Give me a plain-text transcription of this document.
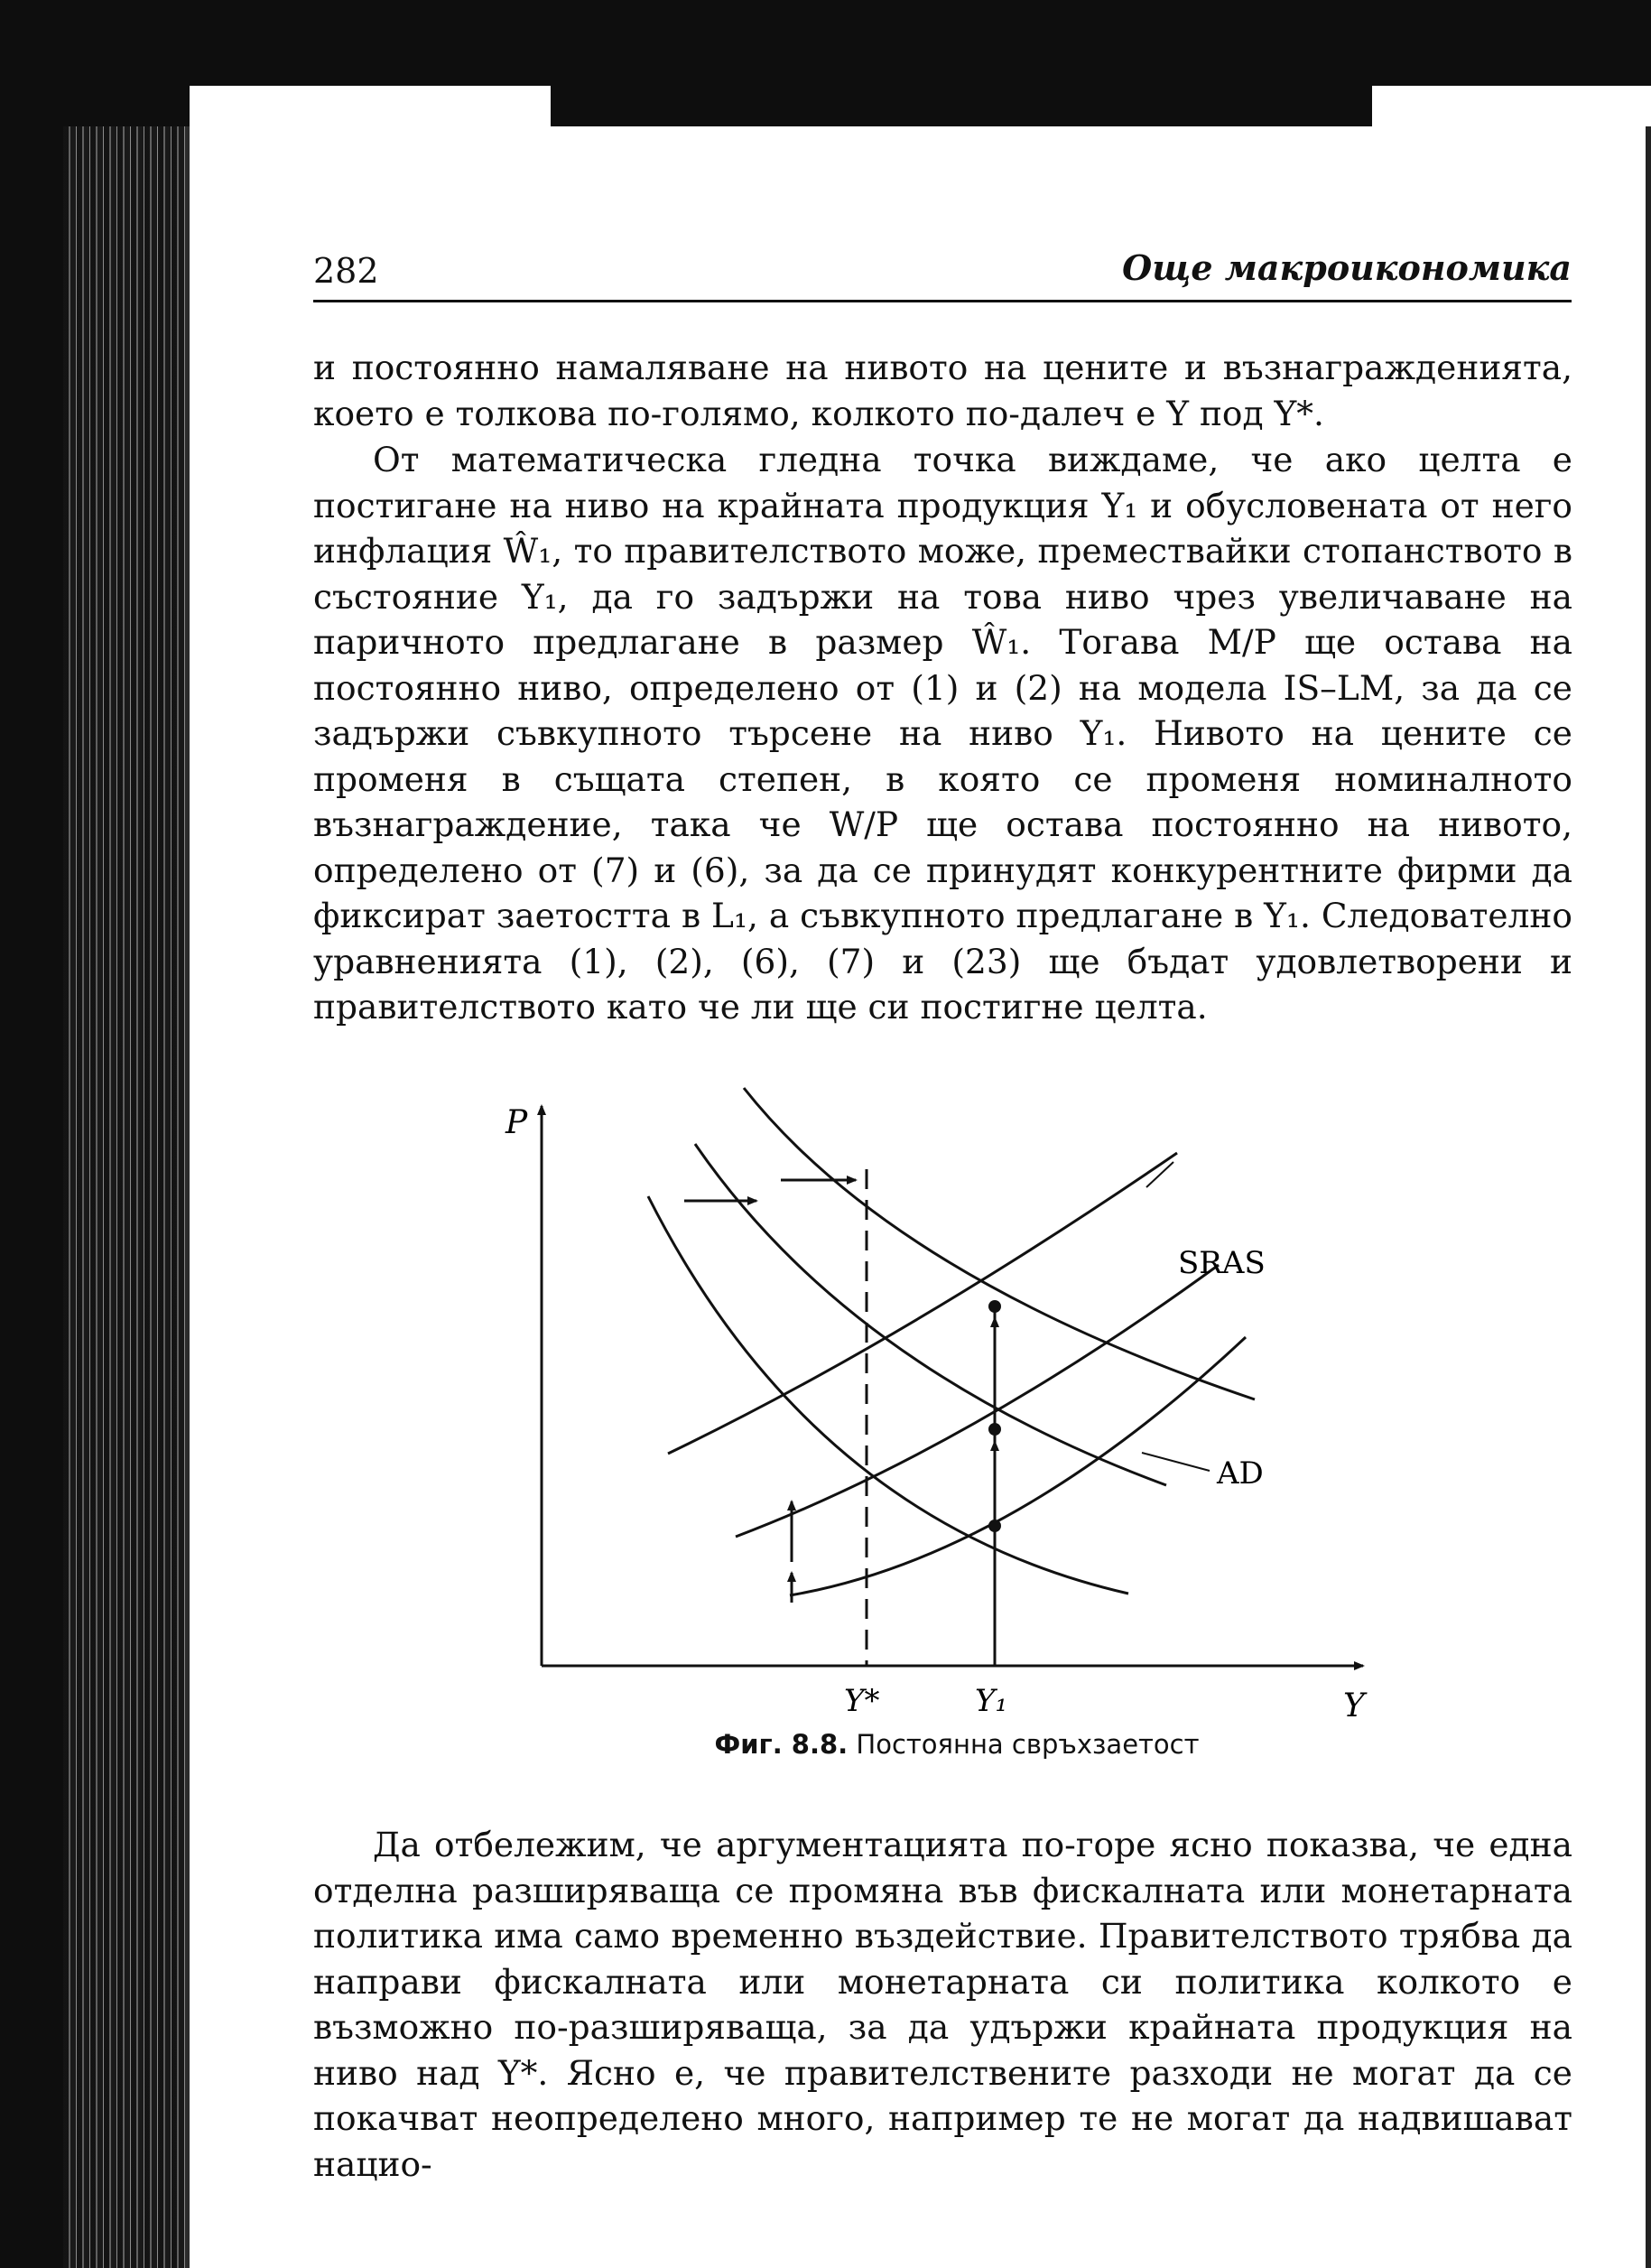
282	Още макроикономика

и постоянно намаляване на нивото на цените и възнагражденията, което е толкова по-голямо, колкото по-далеч е Y под Y*.

От математическа гледна точка виждаме, че ако целта е постигане на ниво на крайната продукция Y₁ и обусловената от него инфлация Ŵ₁, то правителството може, премествайки стопанството в състояние Y₁, да го задържи на това ниво чрез увеличаване на паричното предлагане в размер Ŵ₁. Тогава M/P ще остава на постоянно ниво, определено от (1) и (2) на модела IS–LM, за да се задържи съвкупното търсене на ниво Y₁. Нивото на цените се променя в същата степен, в която се променя номиналното възнаграждение, така че W/P ще остава постоянно на нивото, определено от (7) и (6), за да се принудят конкурентните фирми да фиксират заетостта в L₁, а съвкупното предлагане в Y₁. Следователно уравненията (1), (2), (6), (7) и (23) ще бъдат удовлетворени и правителството като че ли ще си постигне целта.

P
Y
SRAS
AD
Y*	Y₁
Фиг. 8.8. Постоянна свръхзаетост

Да отбележим, че аргументацията по-горе ясно показва, че една отделна разширяваща се промяна във фискалната или монетарната политика има само временно въздействие. Правителството трябва да направи фискалната или монетарната си политика колкото е възможно по-разширяваща, за да удържи крайната продукция на ниво над Y*. Ясно е, че правителствените разходи не могат да се покачват неопределено много, например те не могат да надвишават нацио-
